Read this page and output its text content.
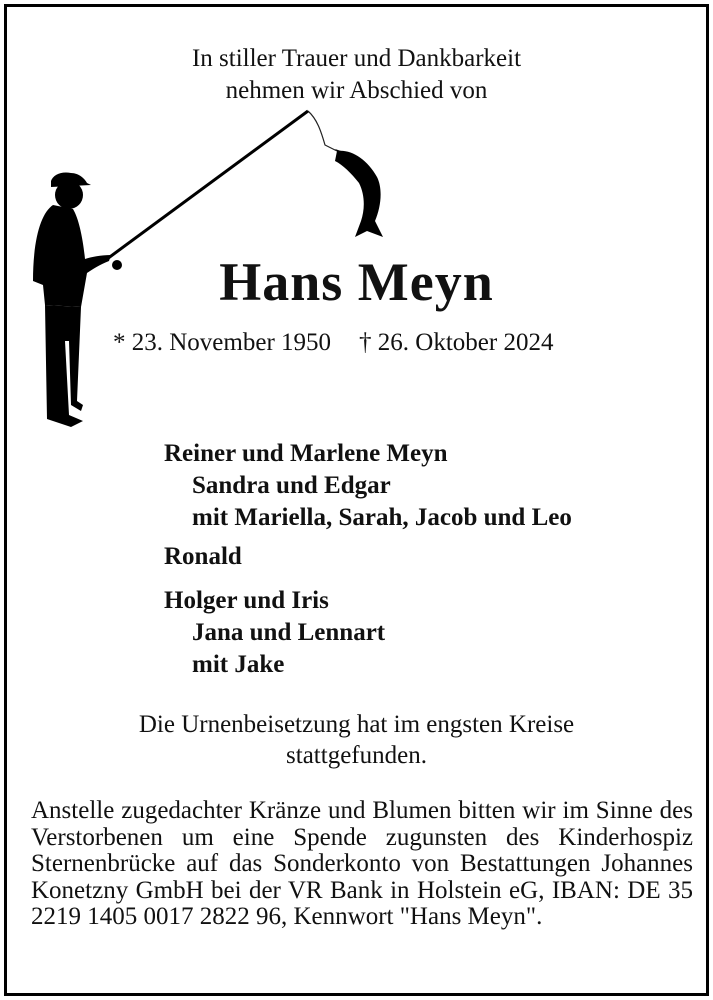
In stiller Trauer und Dankbarkeit
nehmen wir Abschied von
Hans Meyn
* 23. November 1950 † 26. Oktober 2024
Reiner und Marlene Meyn
Sandra und Edgar
mit Mariella, Sarah, Jacob und Leo
Ronald
Holger und Iris
Jana und Lennart
mit Jake
Die Urnenbeisetzung hat im engsten Kreise
stattgefunden.
Anstelle zugedachter Kränze und Blumen bitten wir im Sinne des Verstorbenen um eine Spende zugunsten des Kinderhospiz Sternenbrücke auf das Sonderkonto von Bestattungen Johannes Konetzny GmbH bei der VR Bank in Holstein eG, IBAN: DE 35 2219 1405 0017 2822 96, Kennwort "Hans Meyn".
